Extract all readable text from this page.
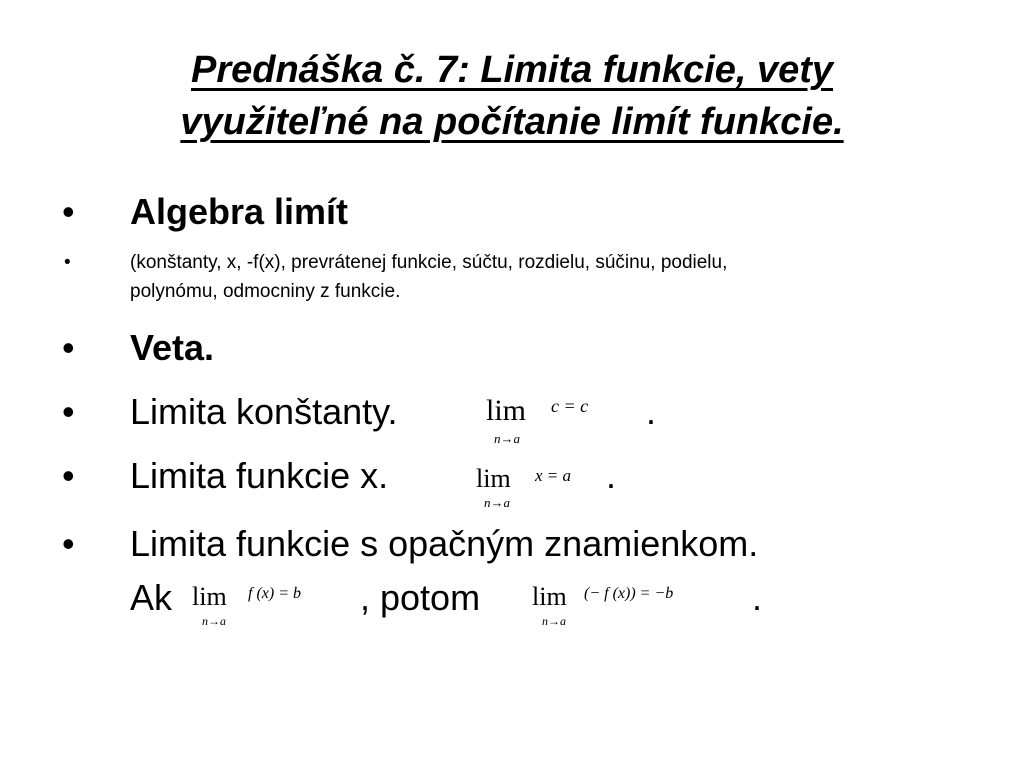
Prednáška č. 7: Limita funkcie, vety
využiteľné na počítanie limít funkcie.
• Algebra limít
•	(konštanty, x, -f(x), prevrátenej funkcie, súčtu, rozdielu, súčinu, podielu,
polynómu, odmocniny z funkcie.
• Veta.
• Limita konštanty.	lim
n→a
c = c .
• Limita funkcie x.	lim
n→a
x = a .
• Limita funkcie s opačným znamienkom.
Ak lim
n→a
f (x) = b , potom lim
n→a
(− f (x)) = −b .
